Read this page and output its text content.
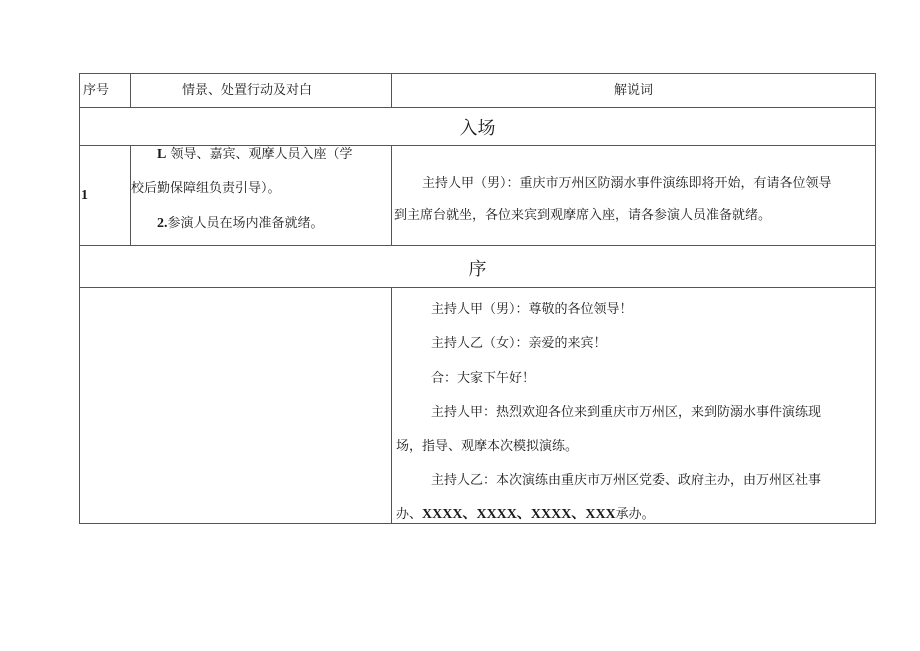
序号	情景、处置行动及对白	解说词
入场
1
L 领导、嘉宾、观摩人员入座（学
校后勤保障组负责引导）。
2.参演人员在场内准备就绪。
主持人甲（男）：重庆市万州区防溺水事件演练即将开始，有请各位领导
到主席台就坐，各位来宾到观摩席入座，请各参演人员准备就绪。
序
主持人甲（男）：尊敬的各位领导！
主持人乙（女）：亲爱的来宾！
合：大家下午好！
主持人甲：热烈欢迎各位来到重庆市万州区，来到防溺水事件演练现
场，指导、观摩本次模拟演练。
主持人乙：本次演练由重庆市万州区党委、政府主办，由万州区社事
办、XXXX、XXXX、XXXX、XXX承办。
